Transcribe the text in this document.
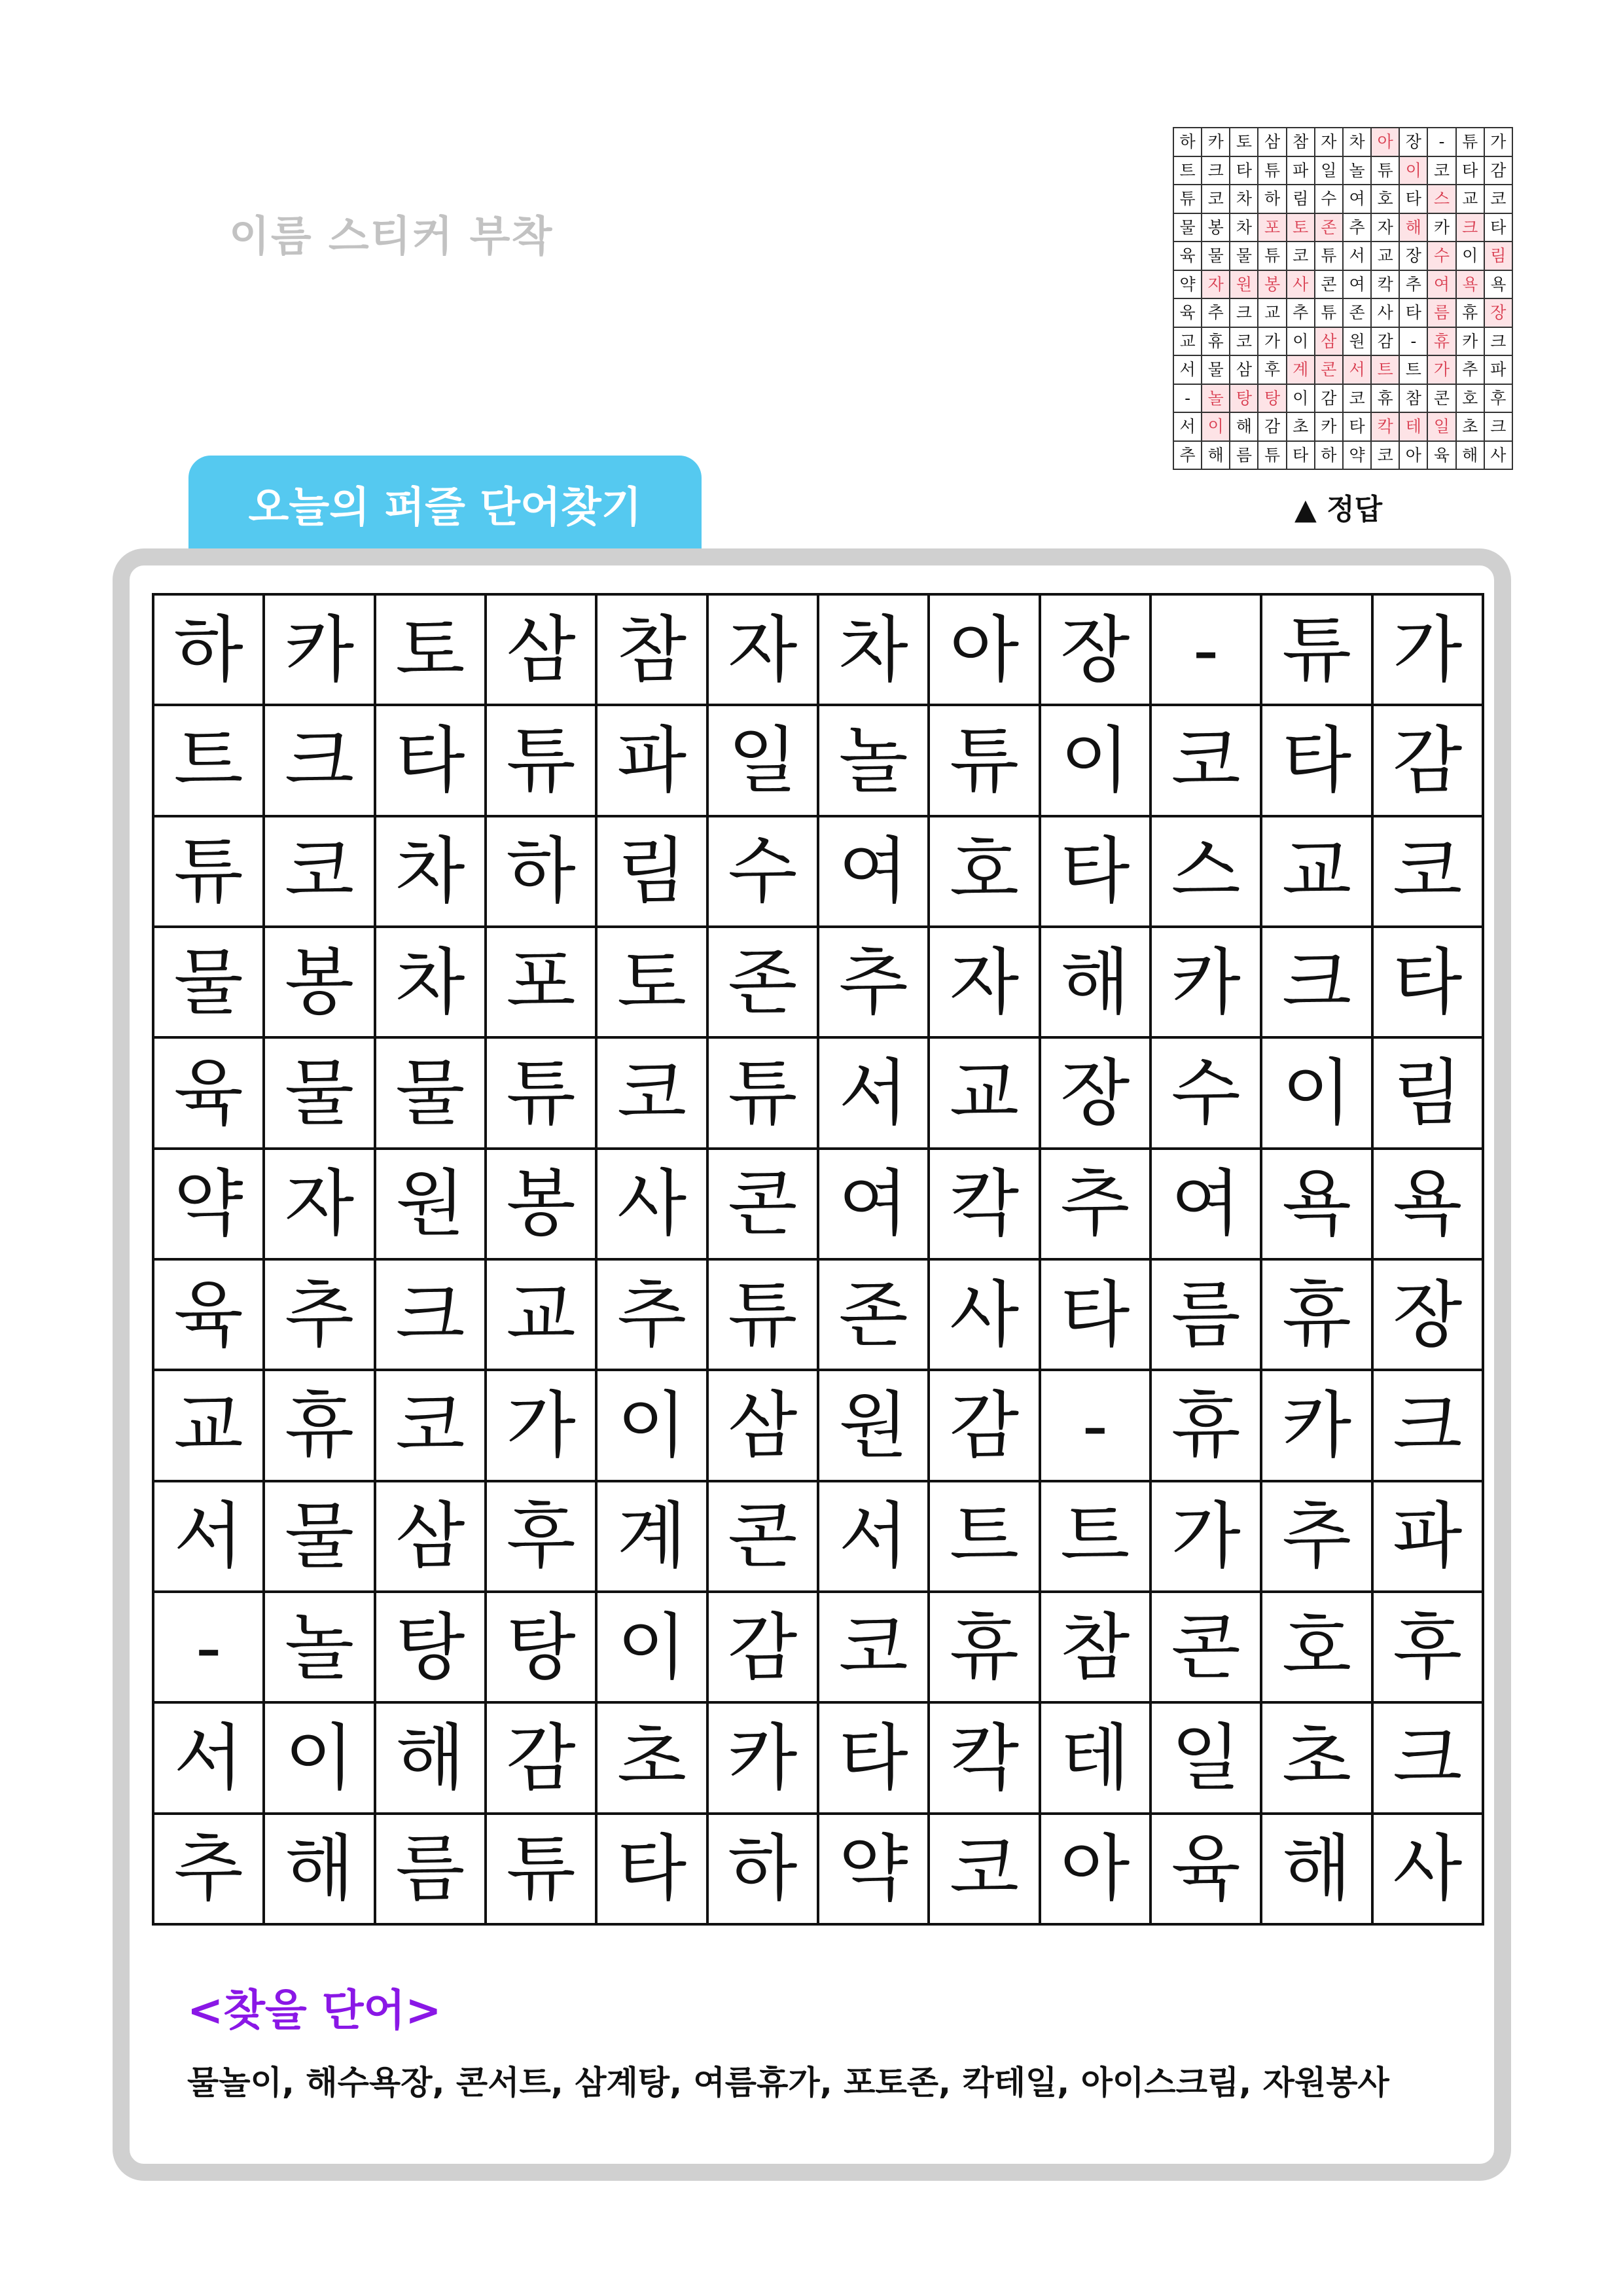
이름 스티커 부착
하	카	토	삼	참	자	차	아	장	-	튜	가
트	크	타	튜	파	일	놀	튜	이	코	타	감
튜	코	차	하	림	수	여	호	타	스	교	코
물	봉	차	포	토	존	추	자	해	카	크	타
육	물	물	튜	코	튜	서	교	장	수	이	림
약	자	원	봉	사	콘	여	칵	추	여	욕	욕
육	추	크	교	추	튜	존	사	타	름	휴	장
교	휴	코	가	이	삼	원	감	-	휴	카	크
서	물	삼	후	계	콘	서	트	트	가	추	파
-	놀	탕	탕	이	감	코	휴	참	콘	호	후
서	이	해	감	초	카	타	칵	테	일	초	크
추	해	름	튜	타	하	약	코	아	육	해	사
▲ 정답
오늘의 퍼즐 단어찾기
하	카	토	삼	참	자	차	아	장	-	튜	가
트	크	타	튜	파	일	놀	튜	이	코	타	감
튜	코	차	하	림	수	여	호	타	스	교	코
물	봉	차	포	토	존	추	자	해	카	크	타
육	물	물	튜	코	튜	서	교	장	수	이	림
약	자	원	봉	사	콘	여	칵	추	여	욕	욕
육	추	크	교	추	튜	존	사	타	름	휴	장
교	휴	코	가	이	삼	원	감	-	휴	카	크
서	물	삼	후	계	콘	서	트	트	가	추	파
-	놀	탕	탕	이	감	코	휴	참	콘	호	후
서	이	해	감	초	카	타	칵	테	일	초	크
추	해	름	튜	타	하	약	코	아	육	해	사
<찾을 단어>
물놀이, 해수욕장, 콘서트, 삼계탕, 여름휴가, 포토존, 칵테일, 아이스크림, 자원봉사
